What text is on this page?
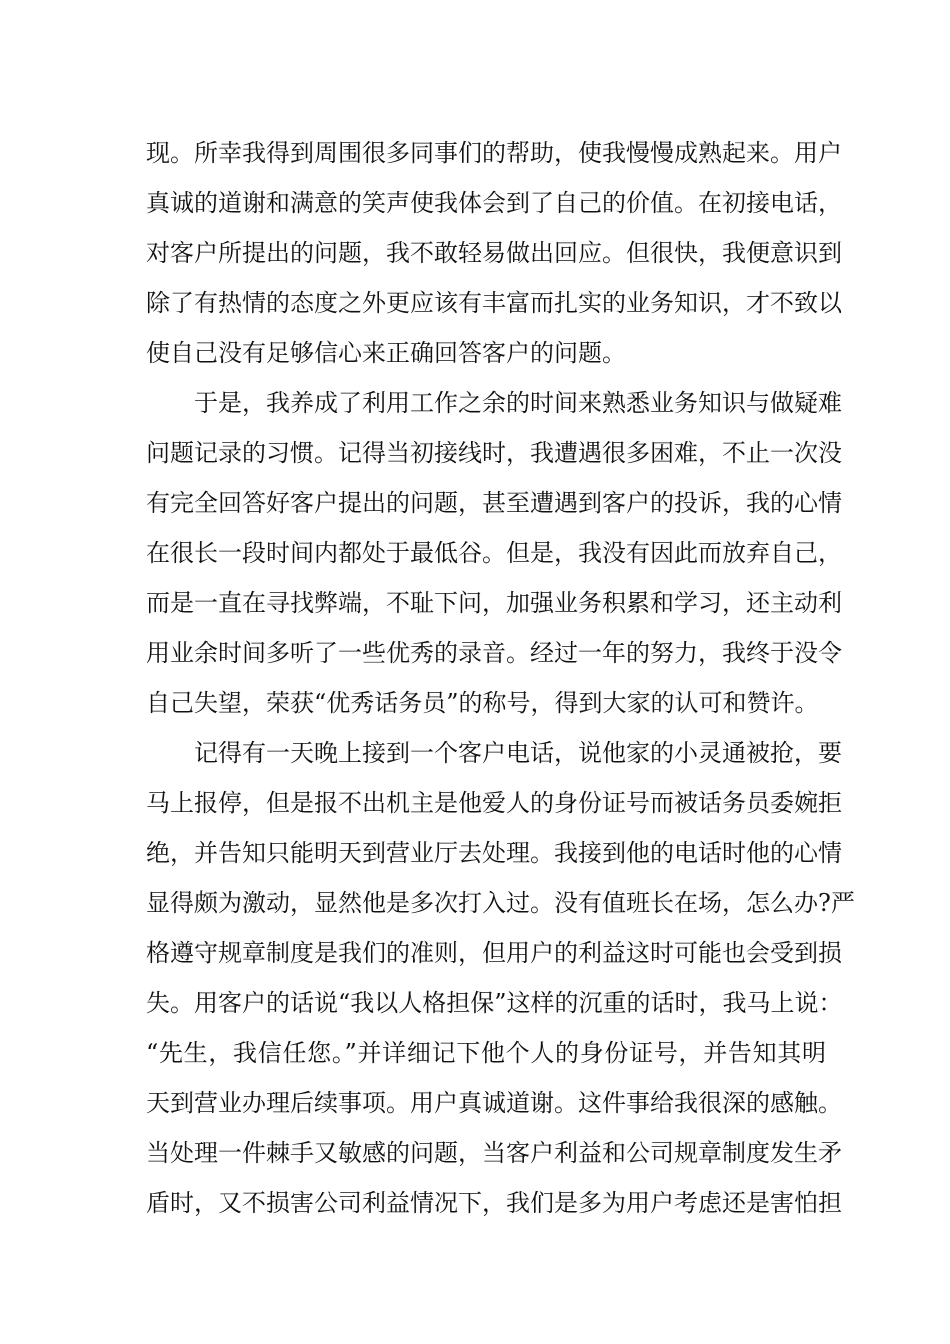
现。所幸我得到周围很多同事们的帮助，使我慢慢成熟起来。用户
真诚的道谢和满意的笑声使我体会到了自己的价值。在初接电话，
对客户所提出的问题，我不敢轻易做出回应。但很快，我便意识到
除了有热情的态度之外更应该有丰富而扎实的业务知识，才不致以
使自己没有足够信心来正确回答客户的问题。
于是，我养成了利用工作之余的时间来熟悉业务知识与做疑难
问题记录的习惯。记得当初接线时，我遭遇很多困难，不止一次没
有完全回答好客户提出的问题，甚至遭遇到客户的投诉，我的心情
在很长一段时间内都处于最低谷。但是，我没有因此而放弃自己，
而是一直在寻找弊端，不耻下问，加强业务积累和学习，还主动利
用业余时间多听了一些优秀的录音。经过一年的努力，我终于没令
自己失望，荣获“优秀话务员”的称号，得到大家的认可和赞许。
记得有一天晚上接到一个客户电话，说他家的小灵通被抢，要
马上报停，但是报不出机主是他爱人的身份证号而被话务员委婉拒
绝，并告知只能明天到营业厅去处理。我接到他的电话时他的心情
显得颇为激动，显然他是多次打入过。没有值班长在场，怎么办?严
格遵守规章制度是我们的准则，但用户的利益这时可能也会受到损
失。用客户的话说“我以人格担保”这样的沉重的话时，我马上说：
“先生，我信任您。”并详细记下他个人的身份证号，并告知其明
天到营业办理后续事项。用户真诚道谢。这件事给我很深的感触。
当处理一件棘手又敏感的问题，当客户利益和公司规章制度发生矛
盾时，又不损害公司利益情况下，我们是多为用户考虑还是害怕担
